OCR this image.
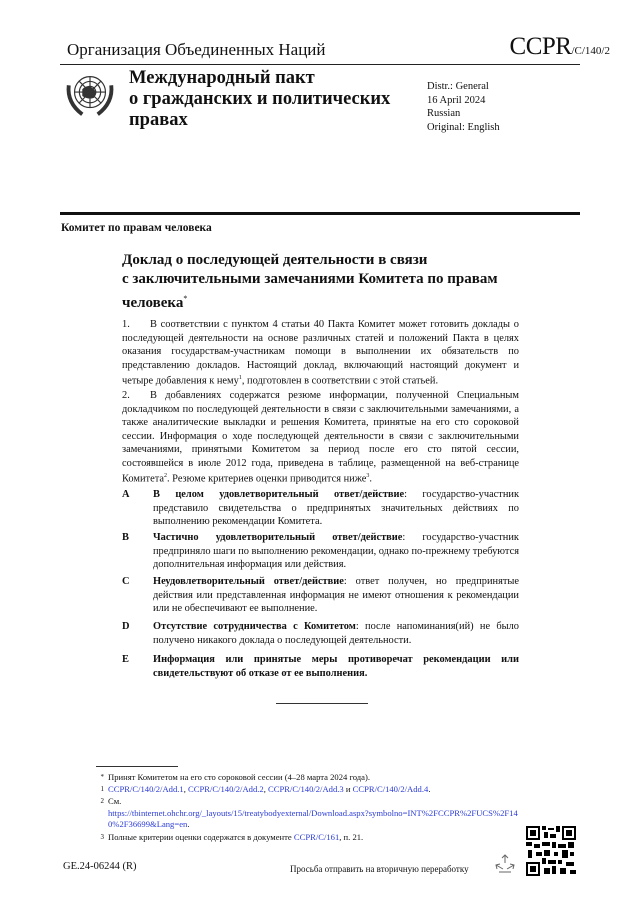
Организация Объединенных Наций	CCPR/C/140/2
Международный пакт
о гражданских и политических
правах
Distr.: General
16 April 2024
Russian
Original: English
Комитет по правам человека
Доклад о последующей деятельности в связи
с заключительными замечаниями Комитета по правам
человека*
1. В соответствии с пунктом 4 статьи 40 Пакта Комитет может готовить доклады о последующей деятельности на основе различных статей и положений Пакта в целях оказания государствам-участникам помощи в выполнении их обязательств по представлению докладов. Настоящий доклад, включающий настоящий документ и четыре добавления к нему$^1$, подготовлен в соответствии с этой статьей.
2. В добавлениях содержатся резюме информации, полученной Специальным докладчиком по последующей деятельности в связи с заключительными замечаниями, а также аналитические выкладки и решения Комитета, принятые на его сто сороковой сессии. Информация о ходе последующей деятельности в связи с заключительными замечаниями, принятыми Комитетом за период после его сто пятой сессии, состоявшейся в июле 2012 года, приведена в таблице, размещенной на веб-странице Комитета$^2$. Резюме критериев оценки приводится ниже$^3$.
A В целом удовлетворительный ответ/действие: государство-участник представило свидетельства о предпринятых значительных действиях по выполнению рекомендации Комитета.
B Частично удовлетворительный ответ/действие: государство-участник предприняло шаги по выполнению рекомендации, однако по-прежнему требуются дополнительная информация или действия.
C Неудовлетворительный ответ/действие: ответ получен, но предпринятые действия или представленная информация не имеют отношения к рекомендации или не обеспечивают ее выполнение.
D Отсутствие сотрудничества с Комитетом: после напоминания(ий) не было получено никакого доклада о последующей деятельности.
E Информация или принятые меры противоречат рекомендации или свидетельствуют об отказе от ее выполнения.
* Принят Комитетом на его сто сороковой сессии (4–28 марта 2024 года).
1 CCPR/C/140/2/Add.1, CCPR/C/140/2/Add.2, CCPR/C/140/2/Add.3 и CCPR/C/140/2/Add.4.
2 См.
https://tbinternet.ohchr.org/_layouts/15/treatybodyexternal/Download.aspx?symbolno=INT%2FCCPR%2FUCS%2F140%2F36699&Lang=en.
3 Полные критерии оценки содержатся в документе CCPR/C/161, п. 21.
GE.24-06244 (R)	Просьба отправить на вторичную переработку
